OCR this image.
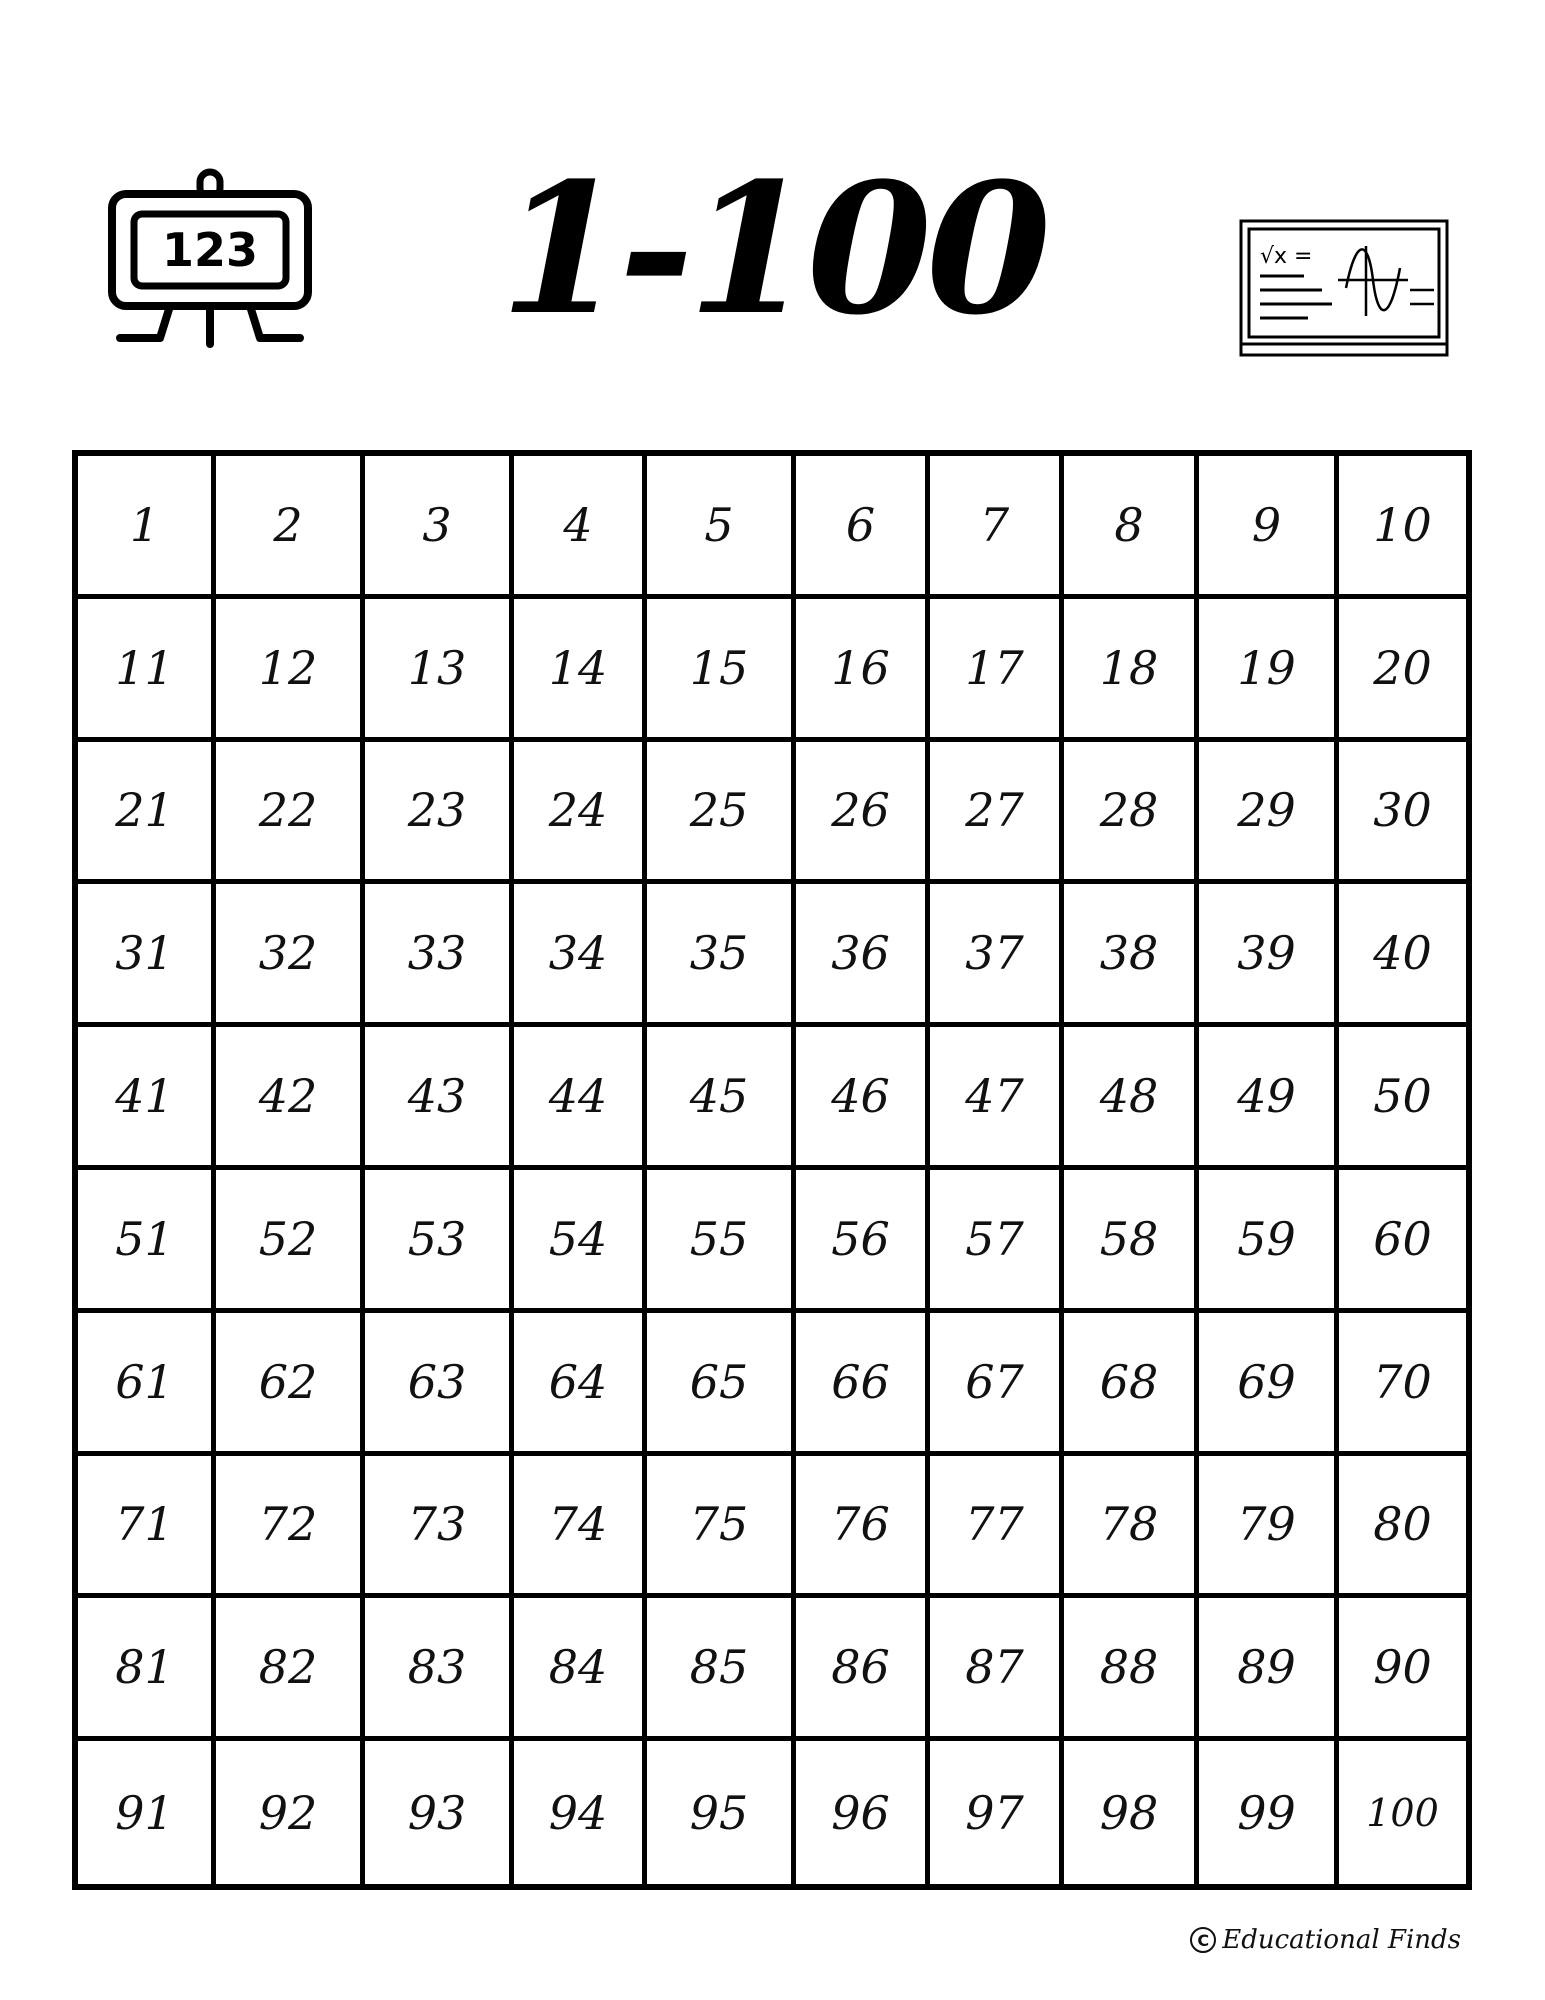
123	1-100	√x =
1	2	3	4	5	6	7	8	9	10
11	12	13	14	15	16	17	18	19	20
21	22	23	24	25	26	27	28	29	30
31	32	33	34	35	36	37	38	39	40
41	42	43	44	45	46	47	48	49	50
51	52	53	54	55	56	57	58	59	60
61	62	63	64	65	66	67	68	69	70
71	72	73	74	75	76	77	78	79	80
81	82	83	84	85	86	87	88	89	90
91	92	93	94	95	96	97	98	99	100
C Educational Finds
